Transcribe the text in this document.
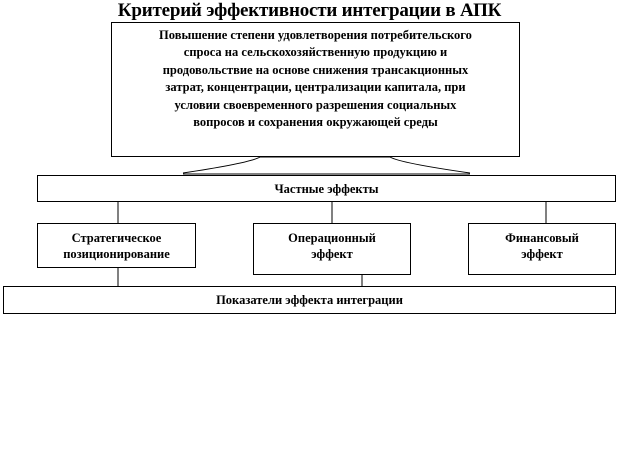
Критерий эффективности интеграции в АПК
Повышение степени удовлетворения потребительского
спроса на сельскохозяйственную продукцию и
продовольствие на основе снижения трансакционных
затрат, концентрации, централизации капитала, при
условии своевременного разрешения социальных
вопросов и сохранения окружающей среды
Частные эффекты
Стратегическое
позиционирование
Операционный
эффект
Финансовый
эффект
Показатели эффекта интеграции
